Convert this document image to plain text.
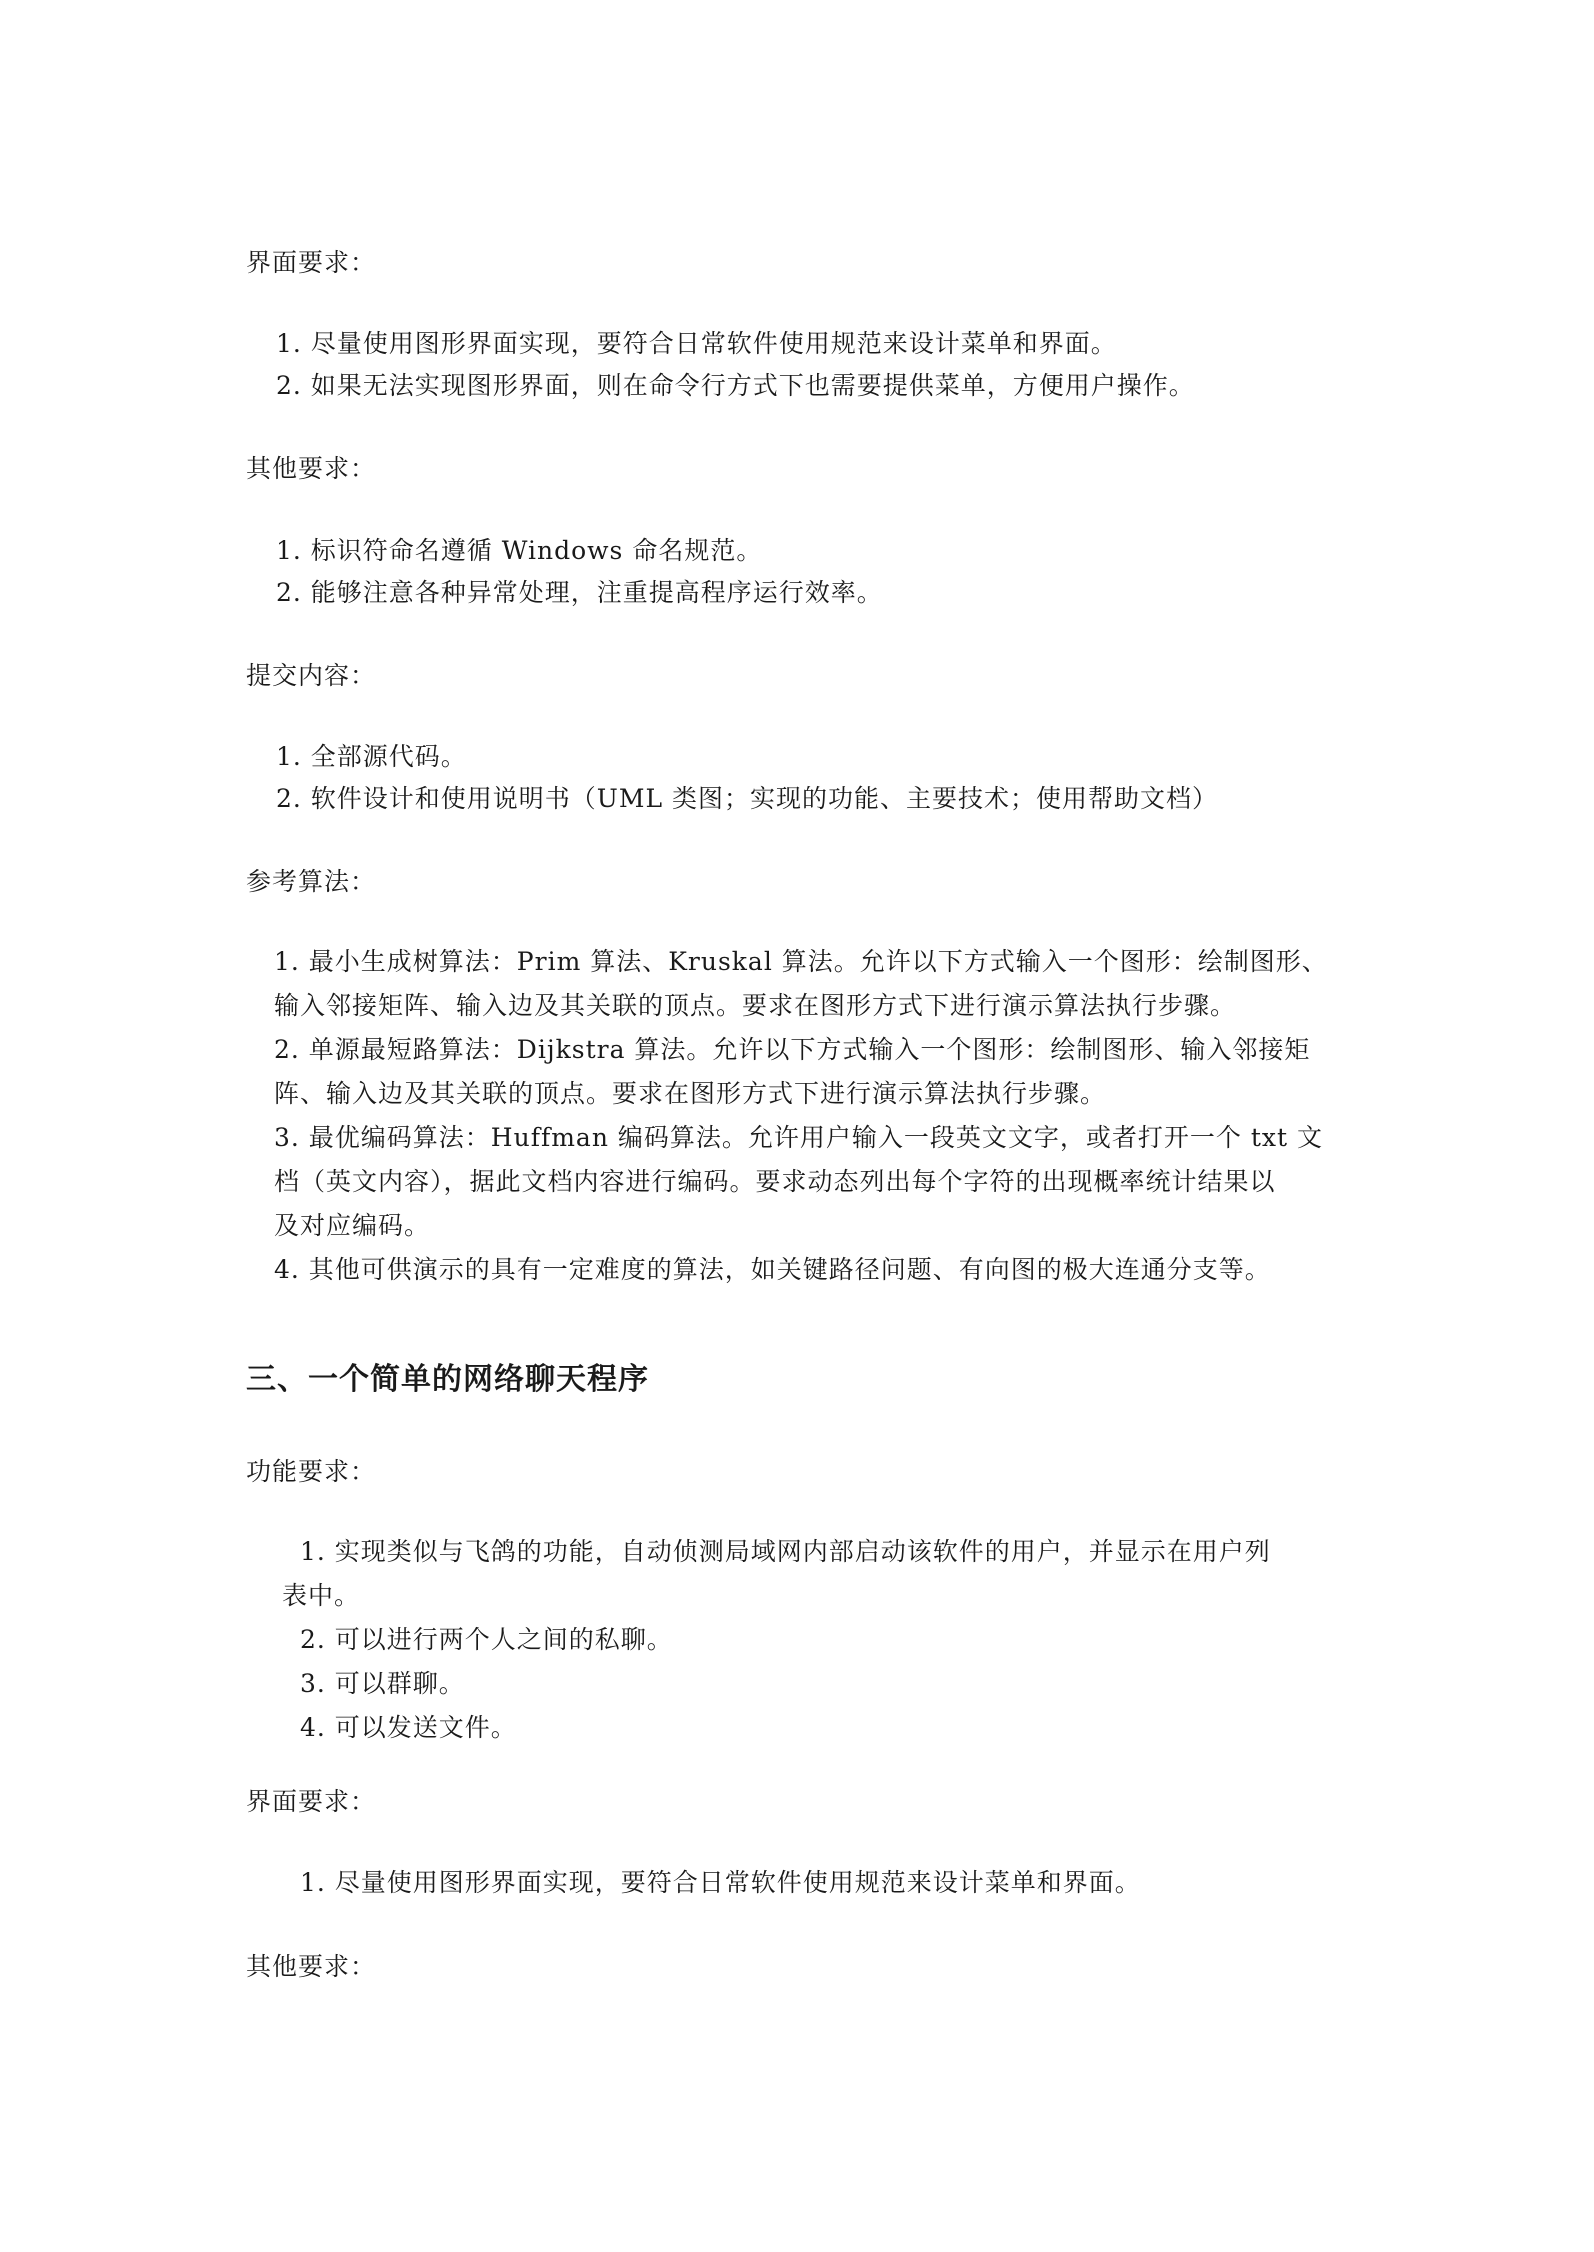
界面要求：
1. 尽量使用图形界面实现，要符合日常软件使用规范来设计菜单和界面。
2. 如果无法实现图形界面，则在命令行方式下也需要提供菜单，方便用户操作。
其他要求：
1. 标识符命名遵循 Windows 命名规范。
2. 能够注意各种异常处理，注重提高程序运行效率。
提交内容：
1. 全部源代码。
2. 软件设计和使用说明书（UML 类图；实现的功能、主要技术；使用帮助文档）
参考算法：
1. 最小生成树算法：Prim 算法、Kruskal 算法。允许以下方式输入一个图形：绘制图形、
输入邻接矩阵、输入边及其关联的顶点。要求在图形方式下进行演示算法执行步骤。
2. 单源最短路算法：Dijkstra 算法。允许以下方式输入一个图形：绘制图形、输入邻接矩
阵、输入边及其关联的顶点。要求在图形方式下进行演示算法执行步骤。
3. 最优编码算法：Huffman 编码算法。允许用户输入一段英文文字，或者打开一个 txt 文
档（英文内容），据此文档内容进行编码。要求动态列出每个字符的出现概率统计结果以
及对应编码。
4. 其他可供演示的具有一定难度的算法，如关键路径问题、有向图的极大连通分支等。
三、一个简单的网络聊天程序
功能要求：
1. 实现类似与飞鸽的功能，自动侦测局域网内部启动该软件的用户，并显示在用户列
表中。
2. 可以进行两个人之间的私聊。
3. 可以群聊。
4. 可以发送文件。
界面要求：
1. 尽量使用图形界面实现，要符合日常软件使用规范来设计菜单和界面。
其他要求：
